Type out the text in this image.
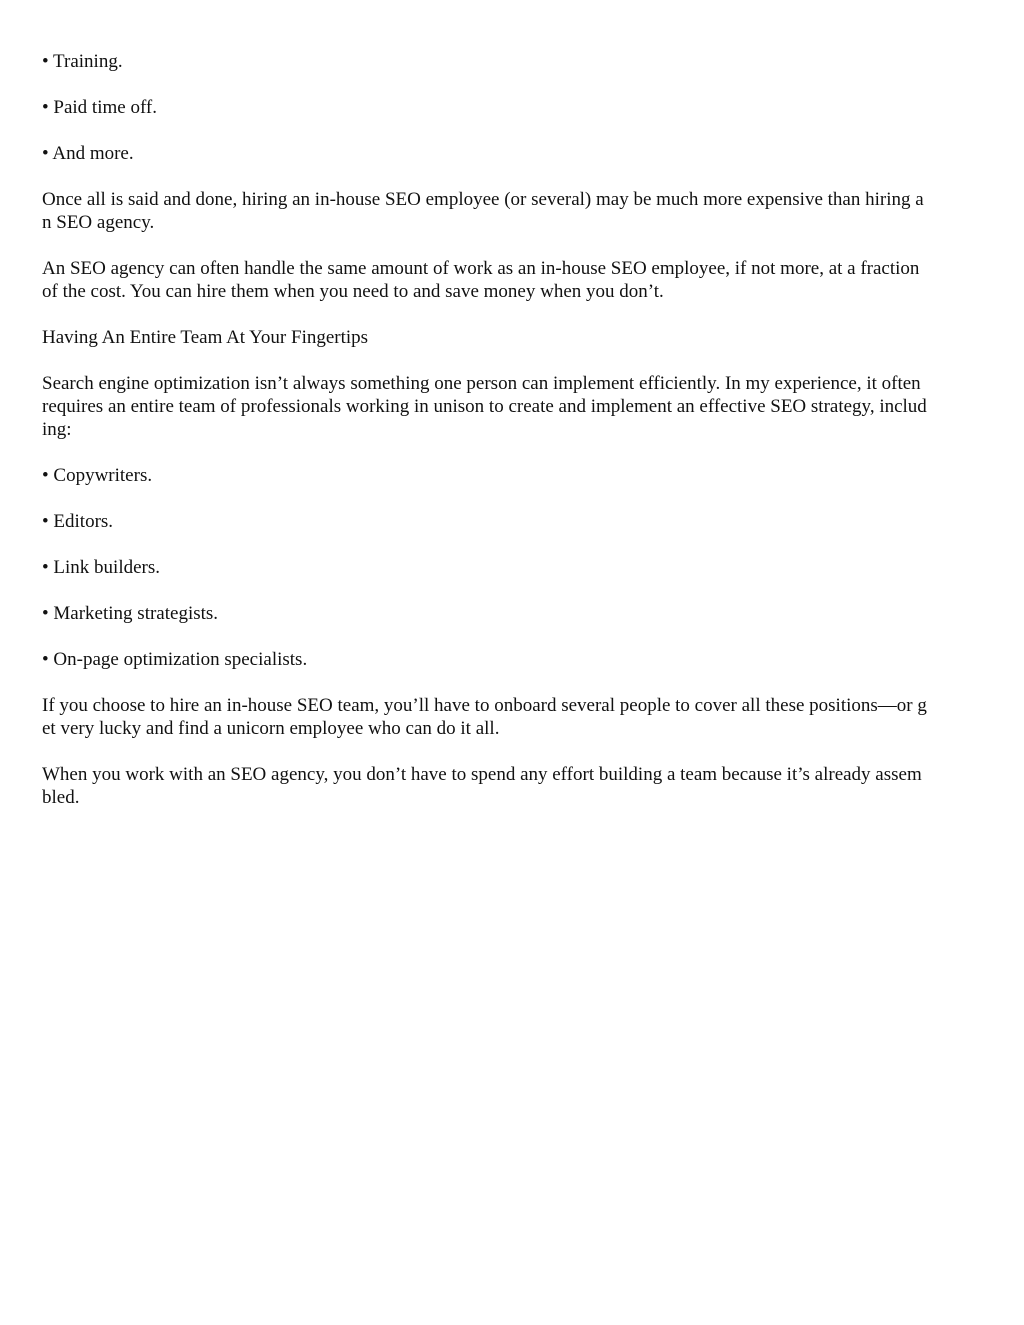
• Training.

• Paid time off.

• And more.

Once all is said and done, hiring an in-house SEO employee (or several) may be much more expensive than hiring a
n SEO agency.

An SEO agency can often handle the same amount of work as an in-house SEO employee, if not more, at a fraction
of the cost. You can hire them when you need to and save money when you don’t.

Having An Entire Team At Your Fingertips

Search engine optimization isn’t always something one person can implement efficiently. In my experience, it often
requires an entire team of professionals working in unison to create and implement an effective SEO strategy, includ
ing:

• Copywriters.

• Editors.

• Link builders.

• Marketing strategists.

• On-page optimization specialists.

If you choose to hire an in-house SEO team, you’ll have to onboard several people to cover all these positions—or g
et very lucky and find a unicorn employee who can do it all.

When you work with an SEO agency, you don’t have to spend any effort building a team because it’s already assem
bled.
